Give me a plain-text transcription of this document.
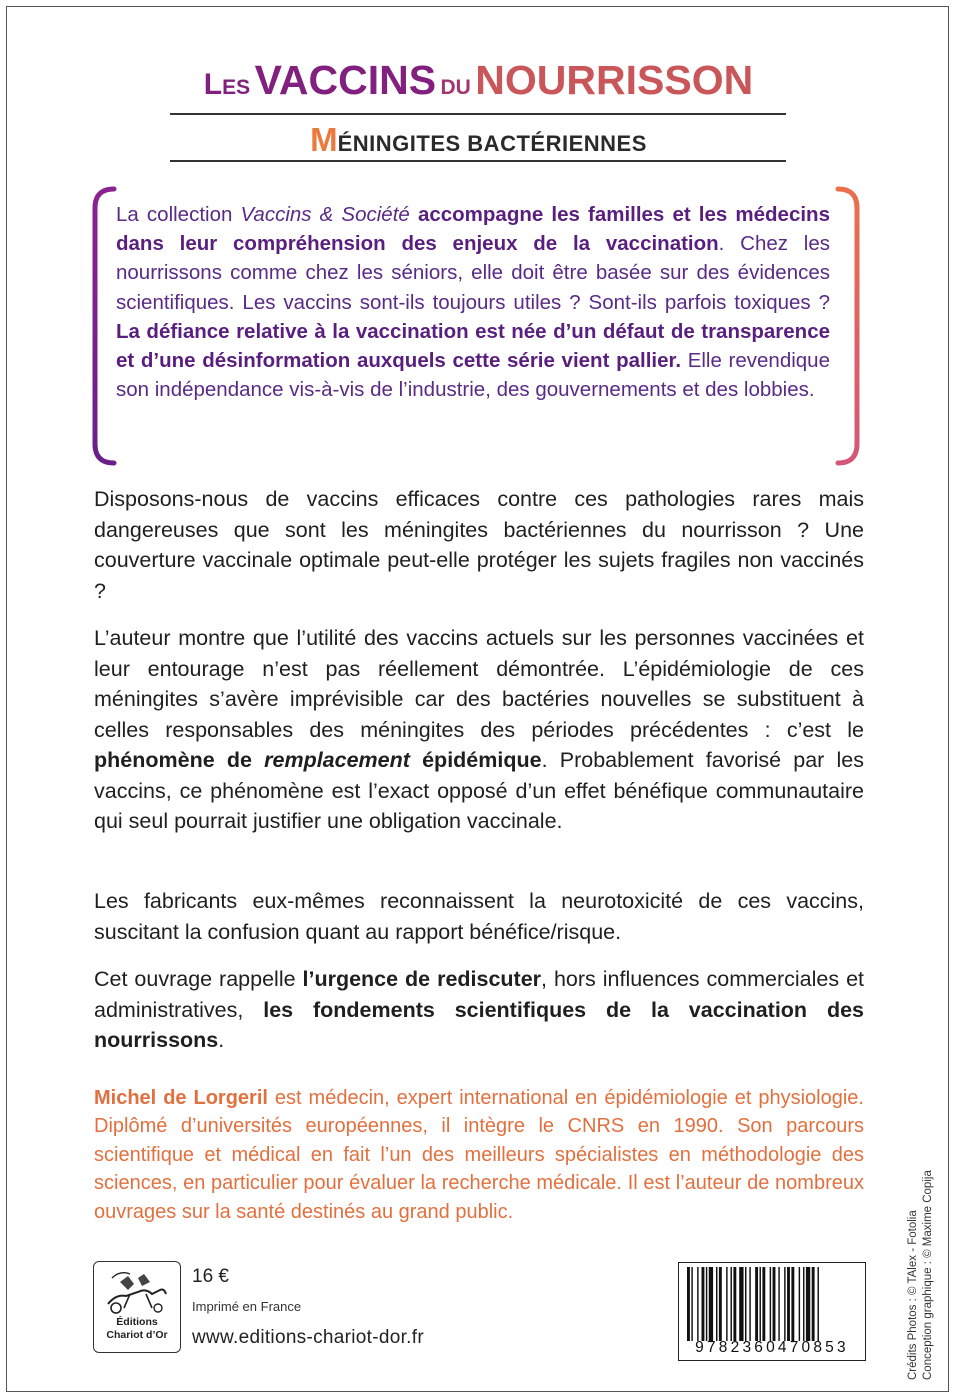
Les VACCINS du NOURRISSON
MÉNINGITES BACTÉRIENNES
La collection Vaccins & Société accompagne les familles et les médecins dans leur compréhension des enjeux de la vaccination. Chez les nourrissons comme chez les séniors, elle doit être basée sur des évidences scientifiques. Les vaccins sont-ils toujours utiles ? Sont-ils parfois toxiques ? La défiance relative à la vaccination est née d’un défaut de transparence et d’une désinformation auxquels cette série vient pallier. Elle revendique son indépendance vis-à-vis de l’industrie, des gouvernements et des lobbies.
Disposons-nous de vaccins efficaces contre ces pathologies rares mais dangereuses que sont les méningites bactériennes du nourrisson ? Une couverture vaccinale optimale peut-elle protéger les sujets fragiles non vaccinés ?
L’auteur montre que l’utilité des vaccins actuels sur les personnes vaccinées et leur entourage n’est pas réellement démontrée. L’épidémiologie de ces méningites s’avère imprévisible car des bactéries nouvelles se substituent à celles responsables des méningites des périodes précédentes : c’est le phénomène de remplacement épidémique. Probablement favorisé par les vaccins, ce phénomène est l’exact opposé d’un effet bénéfique communautaire qui seul pourrait justifier une obligation vaccinale.
Les fabricants eux-mêmes reconnaissent la neurotoxicité de ces vaccins, suscitant la confusion quant au rapport bénéfice/risque.
Cet ouvrage rappelle l’urgence de rediscuter, hors influences commerciales et administratives, les fondements scientifiques de la vaccination des nourrissons.
Michel de Lorgeril est médecin, expert international en épidémiologie et physiologie. Diplômé d’universités européennes, il intègre le CNRS en 1990. Son parcours scientifique et médical en fait l’un des meilleurs spécialistes en méthodologie des sciences, en particulier pour évaluer la recherche médicale. Il est l’auteur de nombreux ouvrages sur la santé destinés au grand public.
Éditions
Chariot d’Or
16 €
Imprimé en France
www.editions-chariot-dor.fr	9782360470853	Crédits Photos : © TAlex - Fotolia Conception graphique : © Maxime Copija
